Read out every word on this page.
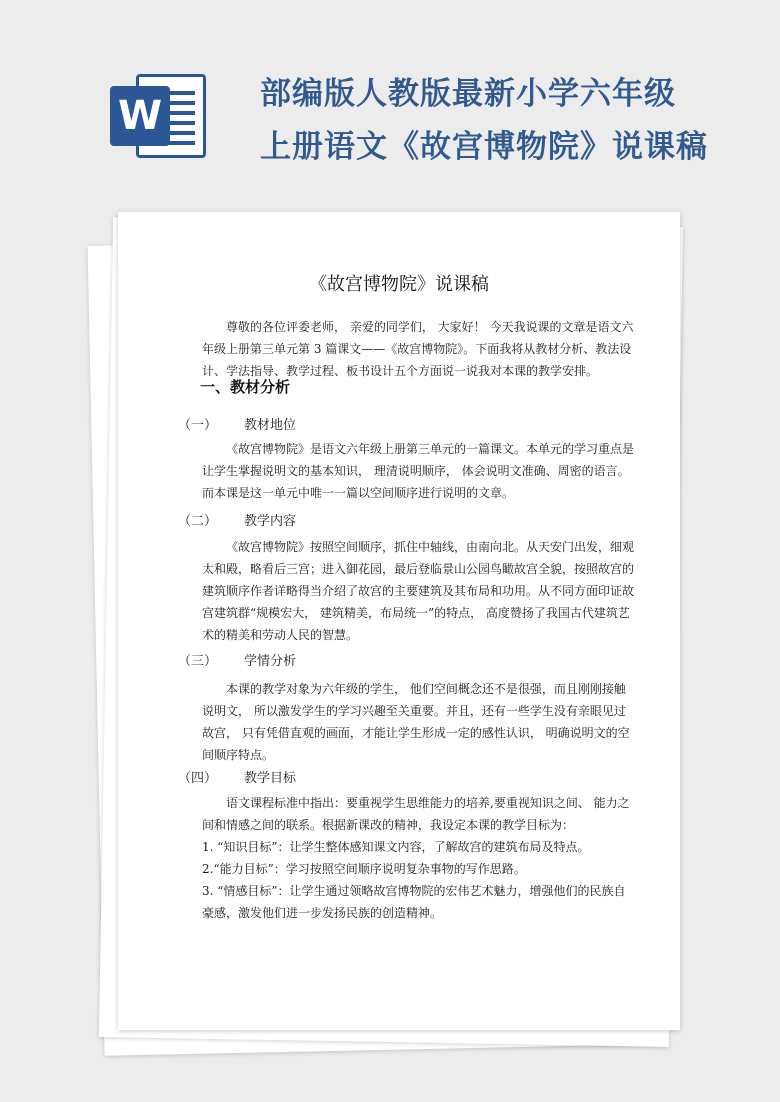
W	部编版人教版最新小学六年级
上册语文《故宫博物院》说课稿
《故宫博物院》说课稿

尊敬的各位评委老师， 亲爱的同学们， 大家好！ 今天我说课的文章是语文六年级上册第三单元第 3 篇课文——《故宫博物院》。下面我将从教材分析、教法设计、学法指导、教学过程、板书设计五个方面说一说我对本课的教学安排。

一、教材分析
（一） 教材地位

《故宫博物院》是语文六年级上册第三单元的一篇课文。本单元的学习重点是让学生掌握说明文的基本知识， 理清说明顺序， 体会说明文准确、周密的语言。而本课是这一单元中唯一一篇以空间顺序进行说明的文章。

（二） 教学内容

《故宫博物院》按照空间顺序，抓住中轴线，由南向北。从天安门出发，细观太和殿，略看后三宫；进入御花园，最后登临景山公园鸟瞰故宫全貌，按照故宫的建筑顺序作者详略得当介绍了故宫的主要建筑及其布局和功用。从不同方面印证故宫建筑群“规模宏大， 建筑精美，布局统一”的特点， 高度赞扬了我国古代建筑艺术的精美和劳动人民的智慧。

（三） 学情分析

本课的教学对象为六年级的学生， 他们空间概念还不是很强，而且刚刚接触说明文， 所以激发学生的学习兴趣至关重要。并且，还有一些学生没有亲眼见过故宫， 只有凭借直观的画面，才能让学生形成一定的感性认识， 明确说明文的空间顺序特点。

（四） 教学目标

语文课程标准中指出：要重视学生思维能力的培养,要重视知识之间、 能力之间和情感之间的联系。根据新课改的精神，我设定本课的教学目标为：

1. “知识目标”：让学生整体感知课文内容，了解故宫的建筑布局及特点。
2.“能力目标”：学习按照空间顺序说明复杂事物的写作思路。
3. “情感目标”：让学生通过领略故宫博物院的宏伟艺术魅力，增强他们的民族自豪感，激发他们进一步发扬民族的创造精神。
